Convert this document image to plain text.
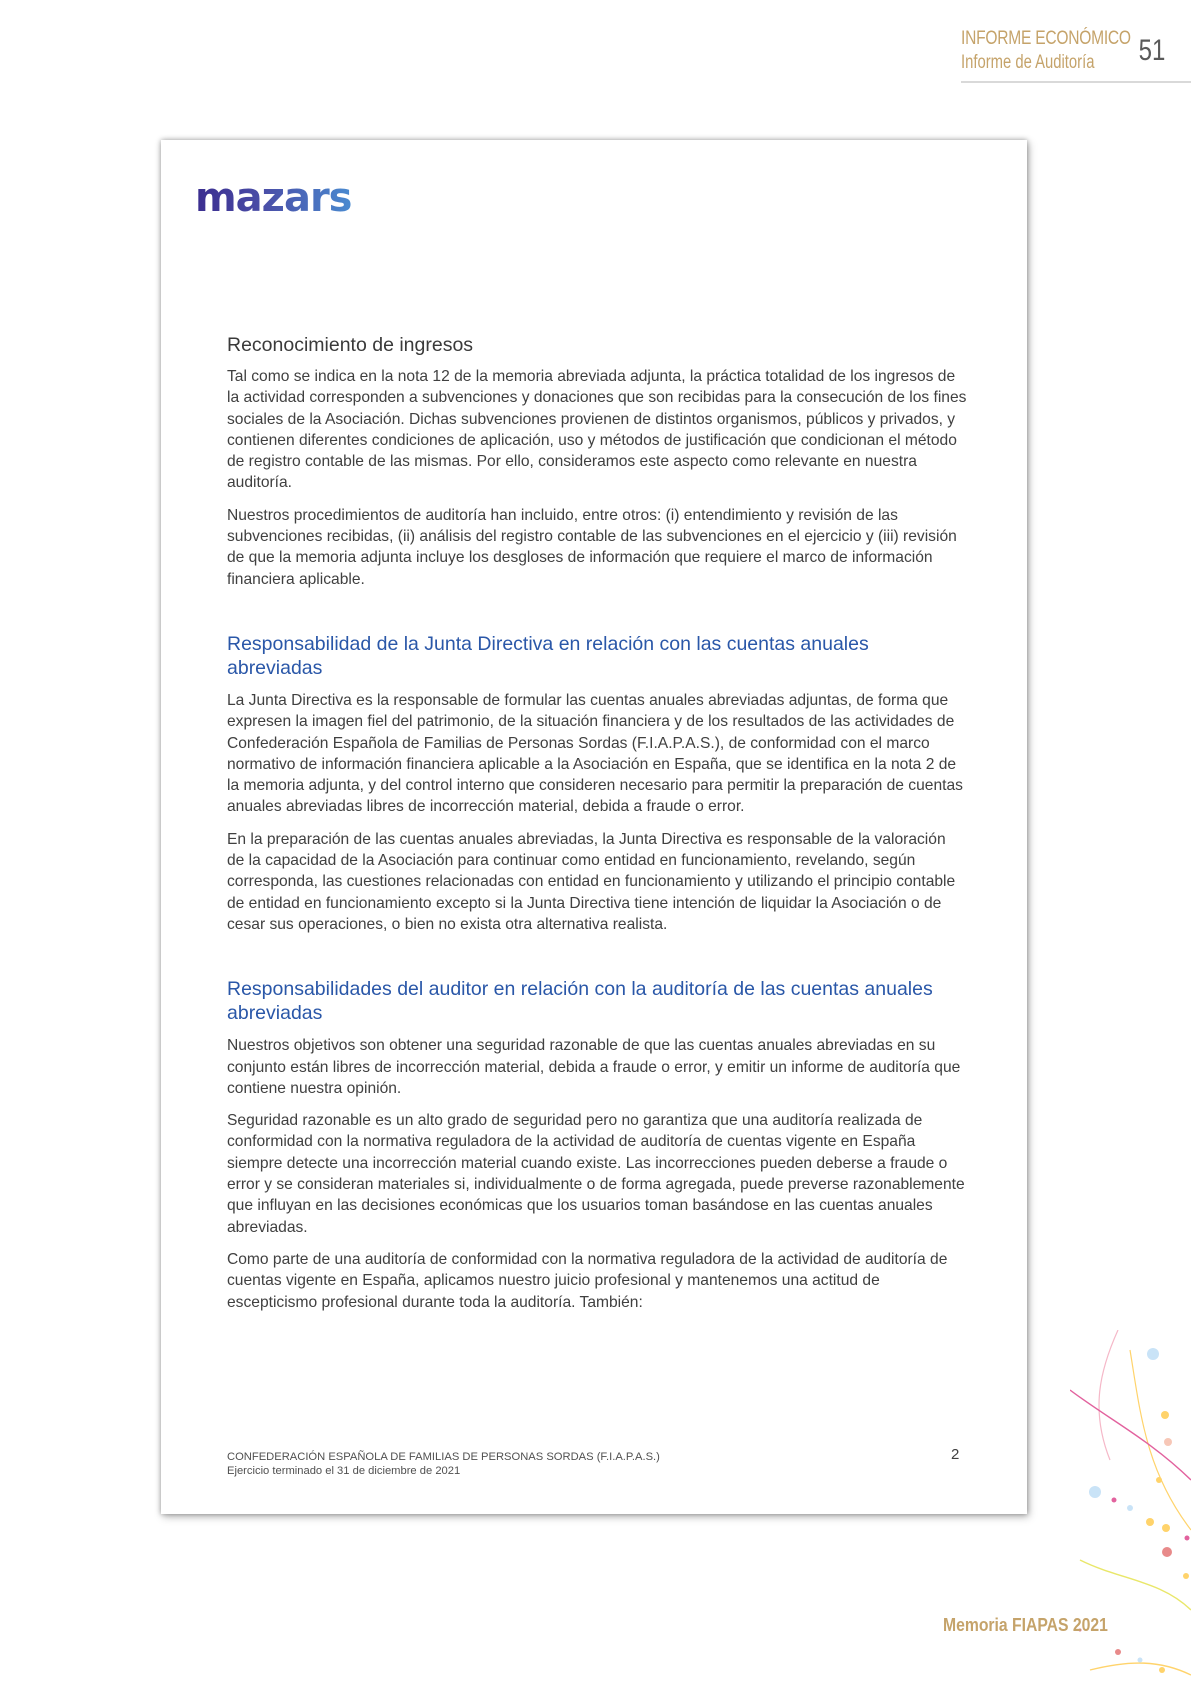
INFORME ECONÓMICO
Informe de Auditoría 51
mazars
Reconocimiento de ingresos

Tal como se indica en la nota 12 de la memoria abreviada adjunta, la práctica totalidad de los ingresos de la actividad corresponden a subvenciones y donaciones que son recibidas para la consecución de los fines sociales de la Asociación. Dichas subvenciones provienen de distintos organismos, públicos y privados, y contienen diferentes condiciones de aplicación, uso y métodos de justificación que condicionan el método de registro contable de las mismas. Por ello, consideramos este aspecto como relevante en nuestra auditoría.

Nuestros procedimientos de auditoría han incluido, entre otros: (i) entendimiento y revisión de las subvenciones recibidas, (ii) análisis del registro contable de las subvenciones en el ejercicio y (iii) revisión de que la memoria adjunta incluye los desgloses de información que requiere el marco de información financiera aplicable.

Responsabilidad de la Junta Directiva en relación con las cuentas anuales abreviadas

La Junta Directiva es la responsable de formular las cuentas anuales abreviadas adjuntas, de forma que expresen la imagen fiel del patrimonio, de la situación financiera y de los resultados de las actividades de Confederación Española de Familias de Personas Sordas (F.I.A.P.A.S.), de conformidad con el marco normativo de información financiera aplicable a la Asociación en España, que se identifica en la nota 2 de la memoria adjunta, y del control interno que consideren necesario para permitir la preparación de cuentas anuales abreviadas libres de incorrección material, debida a fraude o error.

En la preparación de las cuentas anuales abreviadas, la Junta Directiva es responsable de la valoración de la capacidad de la Asociación para continuar como entidad en funcionamiento, revelando, según corresponda, las cuestiones relacionadas con entidad en funcionamiento y utilizando el principio contable de entidad en funcionamiento excepto si la Junta Directiva tiene intención de liquidar la Asociación o de cesar sus operaciones, o bien no exista otra alternativa realista.

Responsabilidades del auditor en relación con la auditoría de las cuentas anuales abreviadas

Nuestros objetivos son obtener una seguridad razonable de que las cuentas anuales abreviadas en su conjunto están libres de incorrección material, debida a fraude o error, y emitir un informe de auditoría que contiene nuestra opinión.

Seguridad razonable es un alto grado de seguridad pero no garantiza que una auditoría realizada de conformidad con la normativa reguladora de la actividad de auditoría de cuentas vigente en España siempre detecte una incorrección material cuando existe. Las incorrecciones pueden deberse a fraude o error y se consideran materiales si, individualmente o de forma agregada, puede preverse razonablemente que influyan en las decisiones económicas que los usuarios toman basándose en las cuentas anuales abreviadas.

Como parte de una auditoría de conformidad con la normativa reguladora de la actividad de auditoría de cuentas vigente en España, aplicamos nuestro juicio profesional y mantenemos una actitud de escepticismo profesional durante toda la auditoría. También:

CONFEDERACIÓN ESPAÑOLA DE FAMILIAS DE PERSONAS SORDAS (F.I.A.P.A.S.)
Ejercicio terminado el 31 de diciembre de 2021
2
Memoria FIAPAS 2021
